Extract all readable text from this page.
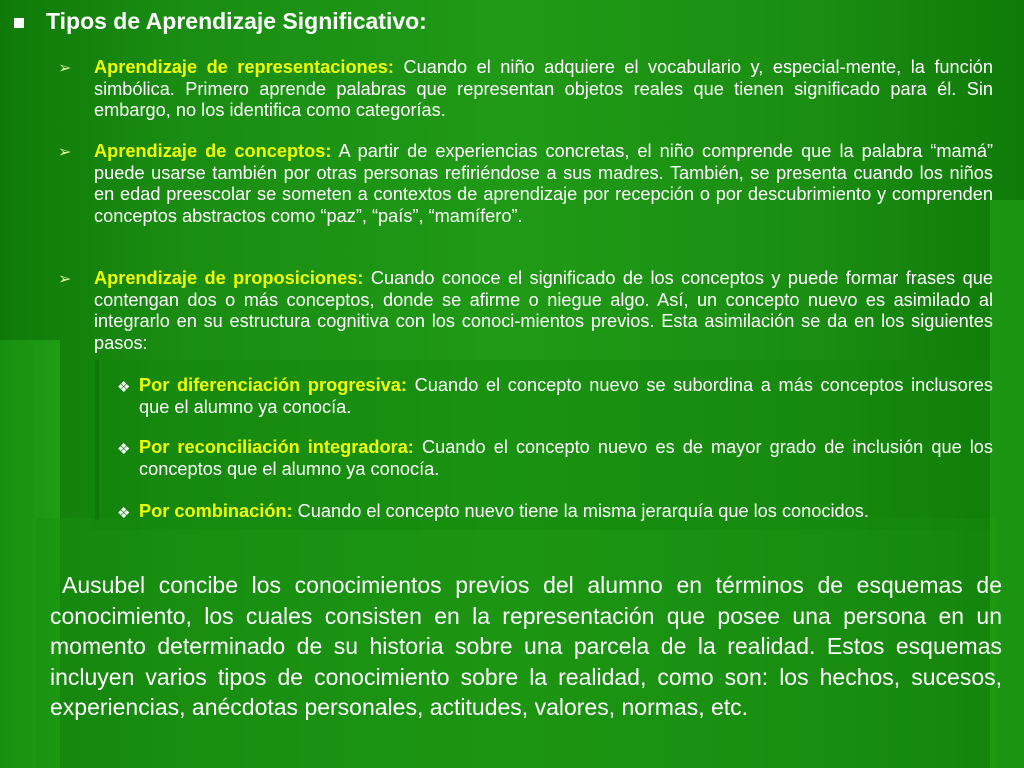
Tipos de Aprendizaje Significativo:
➢	Aprendizaje de representaciones: Cuando el niño adquiere el vocabulario y, especial-mente, la función simbólica. Primero aprende palabras que representan objetos reales que tienen significado para él. Sin embargo, no los identifica como categorías.
➢	Aprendizaje de conceptos: A partir de experiencias concretas, el niño comprende que la palabra “mamá” puede usarse también por otras personas refiriéndose a sus madres. También, se presenta cuando los niños en edad preescolar se someten a contextos de aprendizaje por recepción o por descubrimiento y comprenden conceptos abstractos como “paz”, “país”, “mamífero”.
➢	Aprendizaje de proposiciones: Cuando conoce el significado de los conceptos y puede formar frases que contengan dos o más conceptos, donde se afirme o niegue algo. Así, un concepto nuevo es asimilado al integrarlo en su estructura cognitiva con los conoci-mientos previos. Esta asimilación se da en los siguientes pasos:
❖ Por diferenciación progresiva: Cuando el concepto nuevo se subordina a más conceptos inclusores que el alumno ya conocía.
❖ Por reconciliación integradora: Cuando el concepto nuevo es de mayor grado de inclusión que los conceptos que el alumno ya conocía.
❖ Por combinación: Cuando el concepto nuevo tiene la misma jerarquía que los conocidos.
Ausubel concibe los conocimientos previos del alumno en términos de esquemas de conocimiento, los cuales consisten en la representación que posee una persona en un momento determinado de su historia sobre una parcela de la realidad. Estos esquemas incluyen varios tipos de conocimiento sobre la realidad, como son: los hechos, sucesos, experiencias, anécdotas personales, actitudes, valores, normas, etc.
